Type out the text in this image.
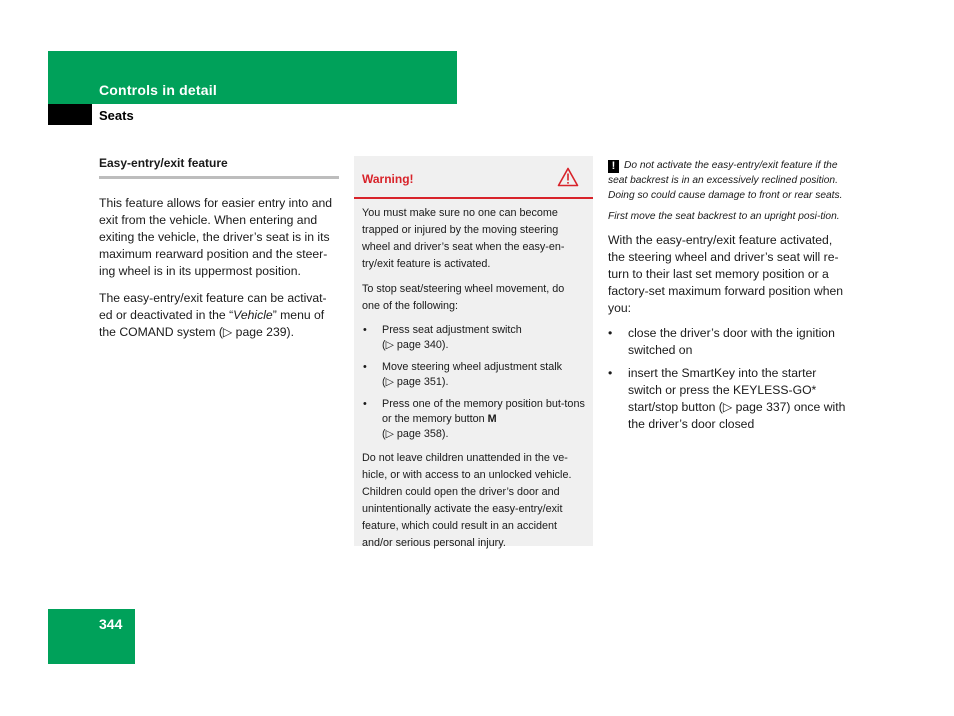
Controls in detail
Seats
Easy-entry/exit feature

This feature allows for easier entry into and exit from the vehicle. When entering and exiting the vehicle, the driver’s seat is in its maximum rearward position and the steer-ing wheel is in its uppermost position.

The easy-entry/exit feature can be activat-ed or deactivated in the “Vehicle” menu of the COMAND system (▷ page 239).

Warning!

You must make sure no one can become trapped or injured by the moving steering wheel and driver’s seat when the easy-en-try/exit feature is activated.

To stop seat/steering wheel movement, do one of the following:

• Press seat adjustment switch
(▷ page 340).
• Move steering wheel adjustment stalk
(▷ page 351).
• Press one of the memory position but-tons or the memory button M
(▷ page 358).

Do not leave children unattended in the ve-hicle, or with access to an unlocked vehicle. Children could open the driver’s door and unintentionally activate the easy-entry/exit feature, which could result in an accident and/or serious personal injury.

! Do not activate the easy-entry/exit feature if the seat backrest is in an excessively reclined position. Doing so could cause damage to front or rear seats.

First move the seat backrest to an upright posi-tion.

With the easy-entry/exit feature activated, the steering wheel and driver’s seat will re-turn to their last set memory position or a factory-set maximum forward position when you:

• close the driver’s door with the ignition switched on
• insert the SmartKey into the starter switch or press the KEYLESS-GO* start/stop button (▷ page 337) once with the driver’s door closed
344
